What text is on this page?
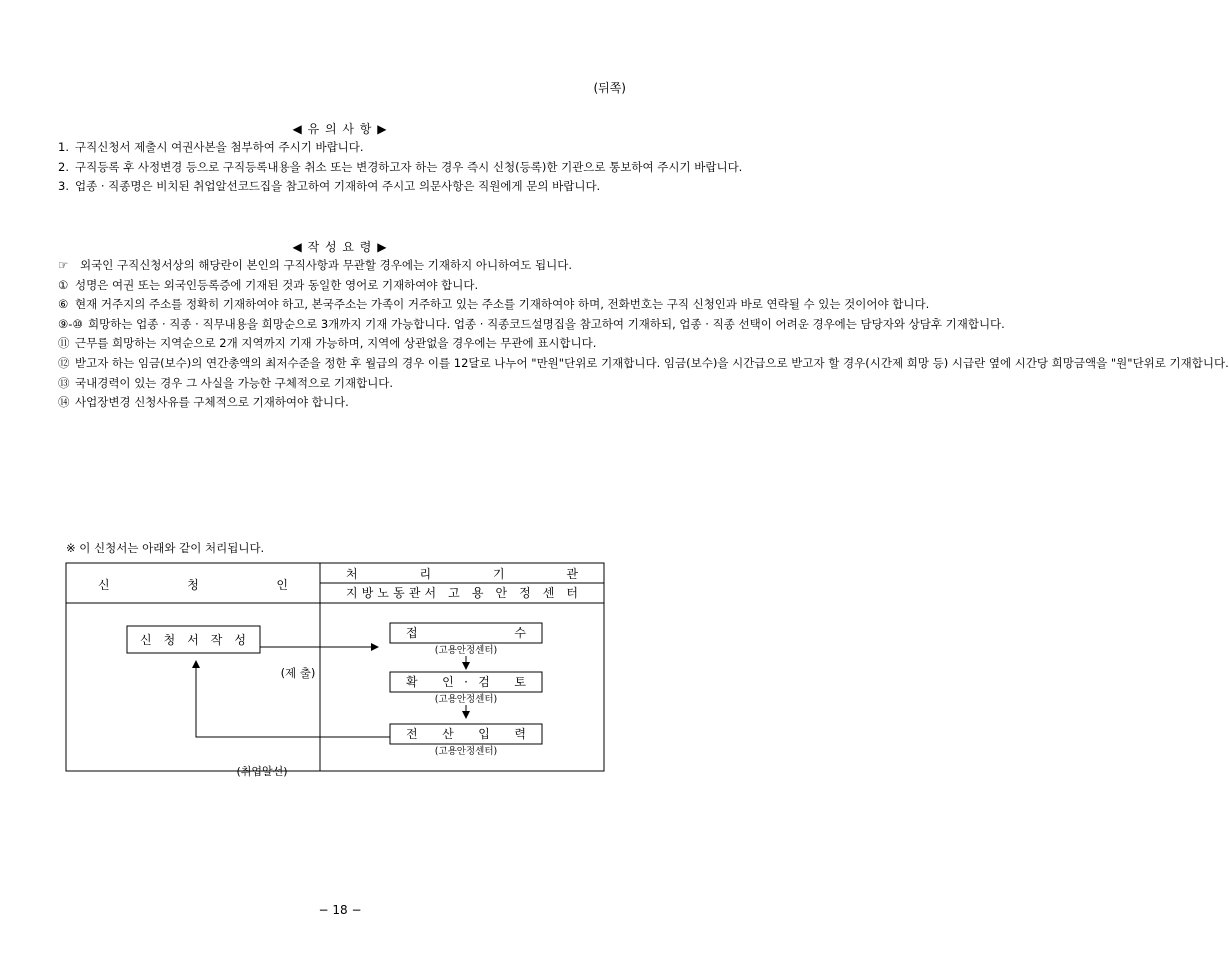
(뒤쪽)
◀ 유 의 사 항 ▶

1. 구직신청서 제출시 여권사본을 첨부하여 주시기 바랍니다.

2. 구직등록 후 사정변경 등으로 구직등록내용을 취소 또는 변경하고자 하는 경우 즉시 신청(등록)한 기관으로 통보하여 주시기 바랍니다.

3. 업종 · 직종명은 비치된 취업알선코드집을 참고하여 기재하여 주시고 의문사항은 직원에게 문의 바랍니다.

◀ 작 성 요 령 ▶

☞	외국인 구직신청서상의 해당란이 본인의 구직사항과 무관할 경우에는 기재하지 아니하여도 됩니다.

① 성명은 여권 또는 외국인등록증에 기재된 것과 동일한 영어로 기재하여야 합니다.

⑥ 현재 거주지의 주소를 정확히 기재하여야 하고, 본국주소는 가족이 거주하고 있는 주소를 기재하여야 하며, 전화번호는 구직 신청인과 바로 연락될 수 있는 것이어야 합니다.

⑨-⑩ 희망하는 업종 · 직종 · 직무내용을 희망순으로 3개까지 기재 가능합니다. 업종 · 직종코드설명집을 참고하여 기재하되, 업종 · 직종 선택이 어려운 경우에는 담당자와 상담후 기재합니다.

⑪ 근무를 희망하는 지역순으로 2개 지역까지 기재 가능하며, 지역에 상관없을 경우에는 무관에 표시합니다.

⑫ 받고자 하는 임금(보수)의 연간총액의 최저수준을 정한 후 월급의 경우 이를 12달로 나누어 "만원"단위로 기재합니다. 임금(보수)을 시간급으로 받고자 할 경우(시간제 희망 등) 시급란 옆에 시간당 희망금액을 "원"단위로 기재합니다.

⑬ 국내경력이 있는 경우 그 사실을 가능한 구체적으로 기재합니다.

⑭ 사업장변경 신청사유를 구체적으로 기재하여야 합니다.

※ 이 신청서는 아래와 같이 처리됩니다.
신 청 인
처 리 기 관
지방노동관서 고 용 안 정 센 터
신 청 서 작 성
(제 출)
접 수
(고용안정센터)
확 인·검 토
(고용안정센터)
전 산 입 력
(고용안정센터)
(취업알선)
− 18 −
